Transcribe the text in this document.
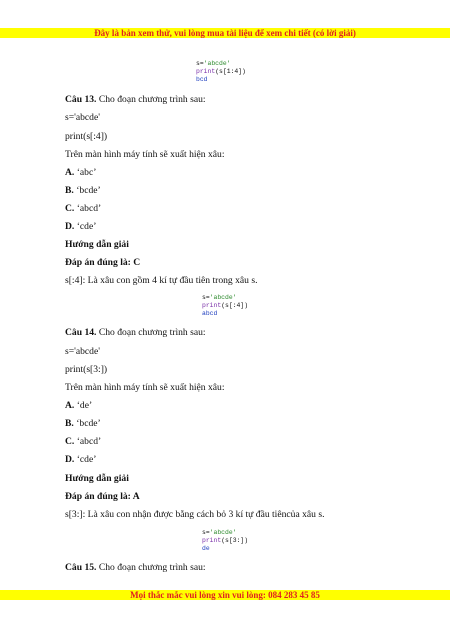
Đây là bản xem thử, vui lòng mua tài liệu để xem chi tiết (có lời giải)
s='abcde'
print(s[1:4])
bcd
Câu 13. Cho đoạn chương trình sau:
s='abcde'
print(s[:4])
Trên màn hình máy tính sẽ xuất hiện xâu:
A. ‘abc’
B. ‘bcde’
C. ‘abcd’
D. ‘cde’
Hướng dẫn giải
Đáp án đúng là: C
s[:4]: Là xâu con gồm 4 kí tự đầu tiên trong xâu s.
s='abcde'
print(s[:4])
abcd
Câu 14. Cho đoạn chương trình sau:
s='abcde'
print(s[3:])
Trên màn hình máy tính sẽ xuất hiện xâu:
A. ‘de’
B. ‘bcde’
C. ‘abcd’
D. ‘cde’
Hướng dẫn giải
Đáp án đúng là: A
s[3:]: Là xâu con nhận được bằng cách bỏ 3 kí tự đầu tiêncủa xâu s.
s='abcde'
print(s[3:])
de
Câu 15. Cho đoạn chương trình sau:
Mọi thắc mắc vui lòng xin vui lòng: 084 283 45 85
